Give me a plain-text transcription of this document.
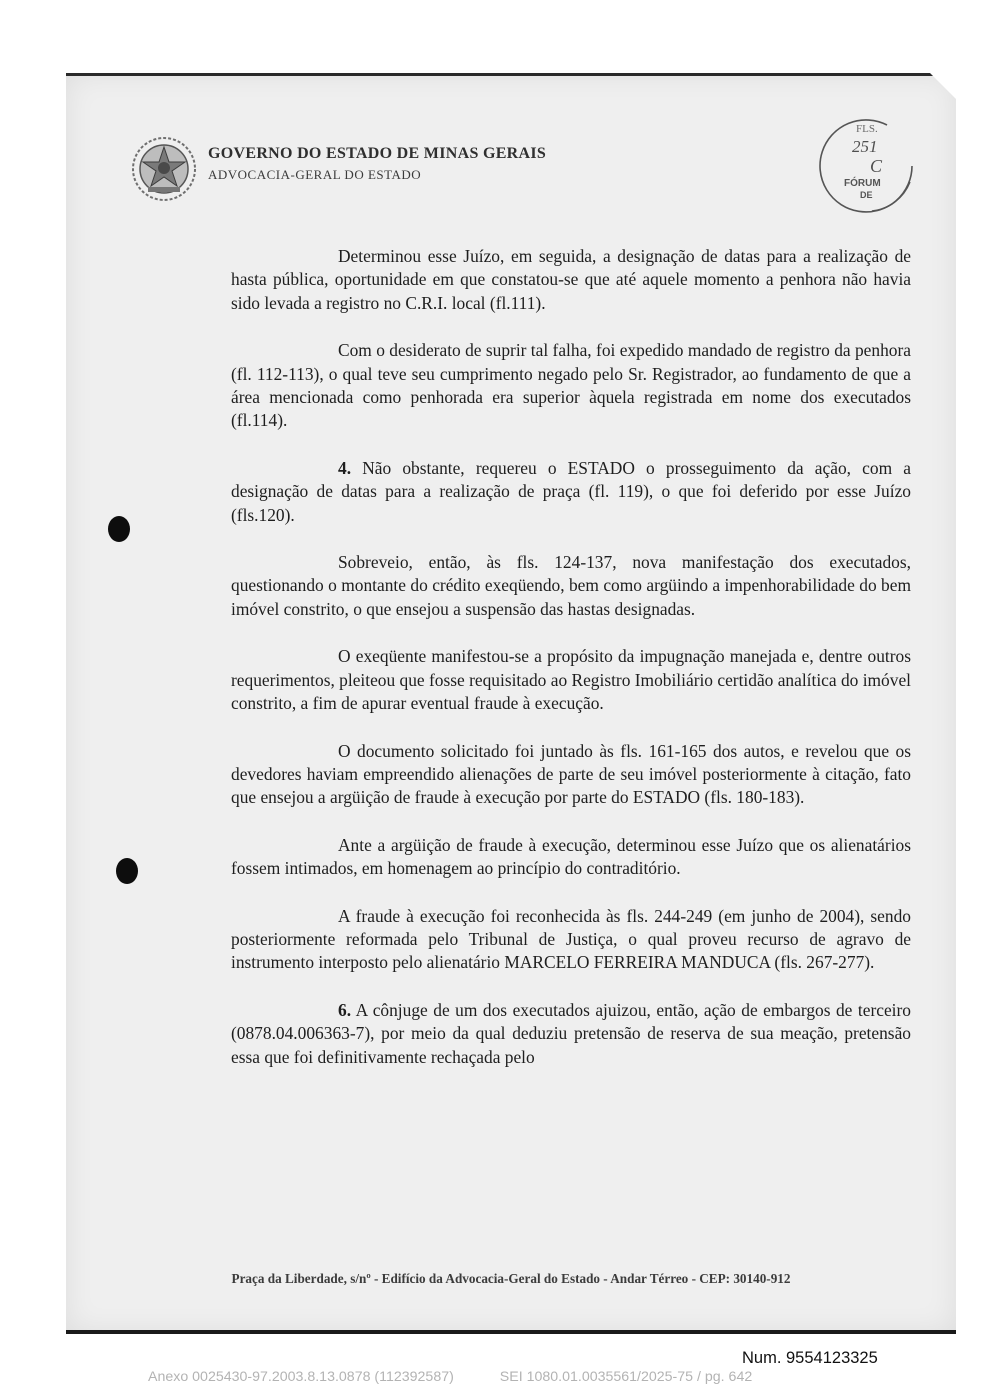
GOVERNO DO ESTADO DE MINAS GERAIS
ADVOCACIA-GERAL DO ESTADO
FLS.
251
C
FÓRUM
DE

Determinou esse Juízo, em seguida, a designação de datas para a realização de hasta pública, oportunidade em que constatou-se que até aquele momento a penhora não havia sido levada a registro no C.R.I. local (fl.111).

Com o desiderato de suprir tal falha, foi expedido mandado de registro da penhora (fl. 112-113), o qual teve seu cumprimento negado pelo Sr. Registrador, ao fundamento de que a área mencionada como penhorada era superior àquela registrada em nome dos executados (fl.114).

4. Não obstante, requereu o ESTADO o prosseguimento da ação, com a designação de datas para a realização de praça (fl. 119), o que foi deferido por esse Juízo (fls.120).

Sobreveio, então, às fls. 124-137, nova manifestação dos executados, questionando o montante do crédito exeqüendo, bem como argüindo a impenhorabilidade do bem imóvel constrito, o que ensejou a suspensão das hastas designadas.

O exeqüente manifestou-se a propósito da impugnação manejada e, dentre outros requerimentos, pleiteou que fosse requisitado ao Registro Imobiliário certidão analítica do imóvel constrito, a fim de apurar eventual fraude à execução.

O documento solicitado foi juntado às fls. 161-165 dos autos, e revelou que os devedores haviam empreendido alienações de parte de seu imóvel posteriormente à citação, fato que ensejou a argüição de fraude à execução por parte do ESTADO (fls. 180-183).

Ante a argüição de fraude à execução, determinou esse Juízo que os alienatários fossem intimados, em homenagem ao princípio do contraditório.

A fraude à execução foi reconhecida às fls. 244-249 (em junho de 2004), sendo posteriormente reformada pelo Tribunal de Justiça, o qual proveu recurso de agravo de instrumento interposto pelo alienatário MARCELO FERREIRA MANDUCA (fls. 267-277).

6. A cônjuge de um dos executados ajuizou, então, ação de embargos de terceiro (0878.04.006363-7), por meio da qual deduziu pretensão de reserva de sua meação, pretensão essa que foi definitivamente rechaçada pelo

Praça da Liberdade, s/nº - Edifício da Advocacia-Geral do Estado - Andar Térreo - CEP: 30140-912
Num. 9554123325
Anexo 0025430-97.2003.8.13.0878 (112392587)	SEI 1080.01.0035561/2025-75 / pg. 642
